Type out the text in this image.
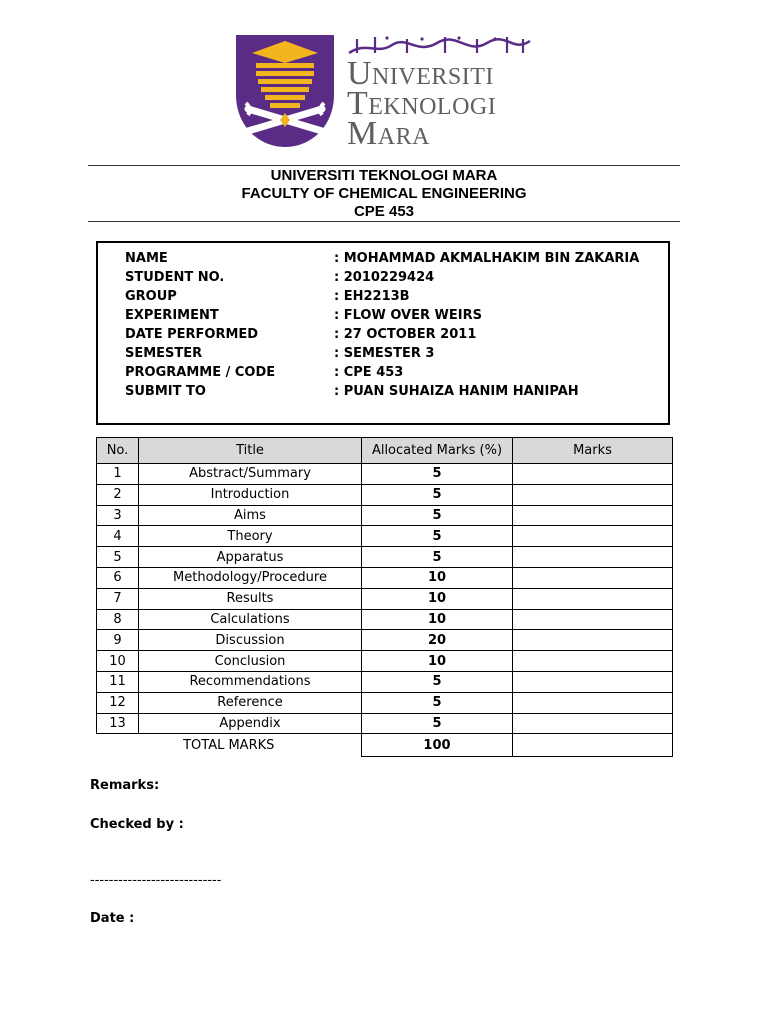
Universiti
Teknologi
Mara
UNIVERSITI TEKNOLOGI MARA
FACULTY OF CHEMICAL ENGINEERING
CPE 453
NAME	: MOHAMMAD AKMALHAKIM BIN ZAKARIA
STUDENT NO.	: 2010229424
GROUP	: EH2213B
EXPERIMENT	: FLOW OVER WEIRS
DATE PERFORMED	: 27 OCTOBER 2011
SEMESTER	: SEMESTER 3
PROGRAMME / CODE	: CPE 453
SUBMIT TO	: PUAN SUHAIZA HANIM HANIPAH
No.	Title	Allocated Marks (%)	Marks
1	Abstract/Summary	5	
2	Introduction	5	
3	Aims	5	
4	Theory	5	
5	Apparatus	5	
6	Methodology/Procedure	10	
7	Results	10	
8	Calculations	10	
9	Discussion	20	
10	Conclusion	10	
11	Recommendations	5	
12	Reference	5	
13	Appendix	5	
TOTAL MARKS		100	
Remarks:
Checked by :
----------------------------
Date :
